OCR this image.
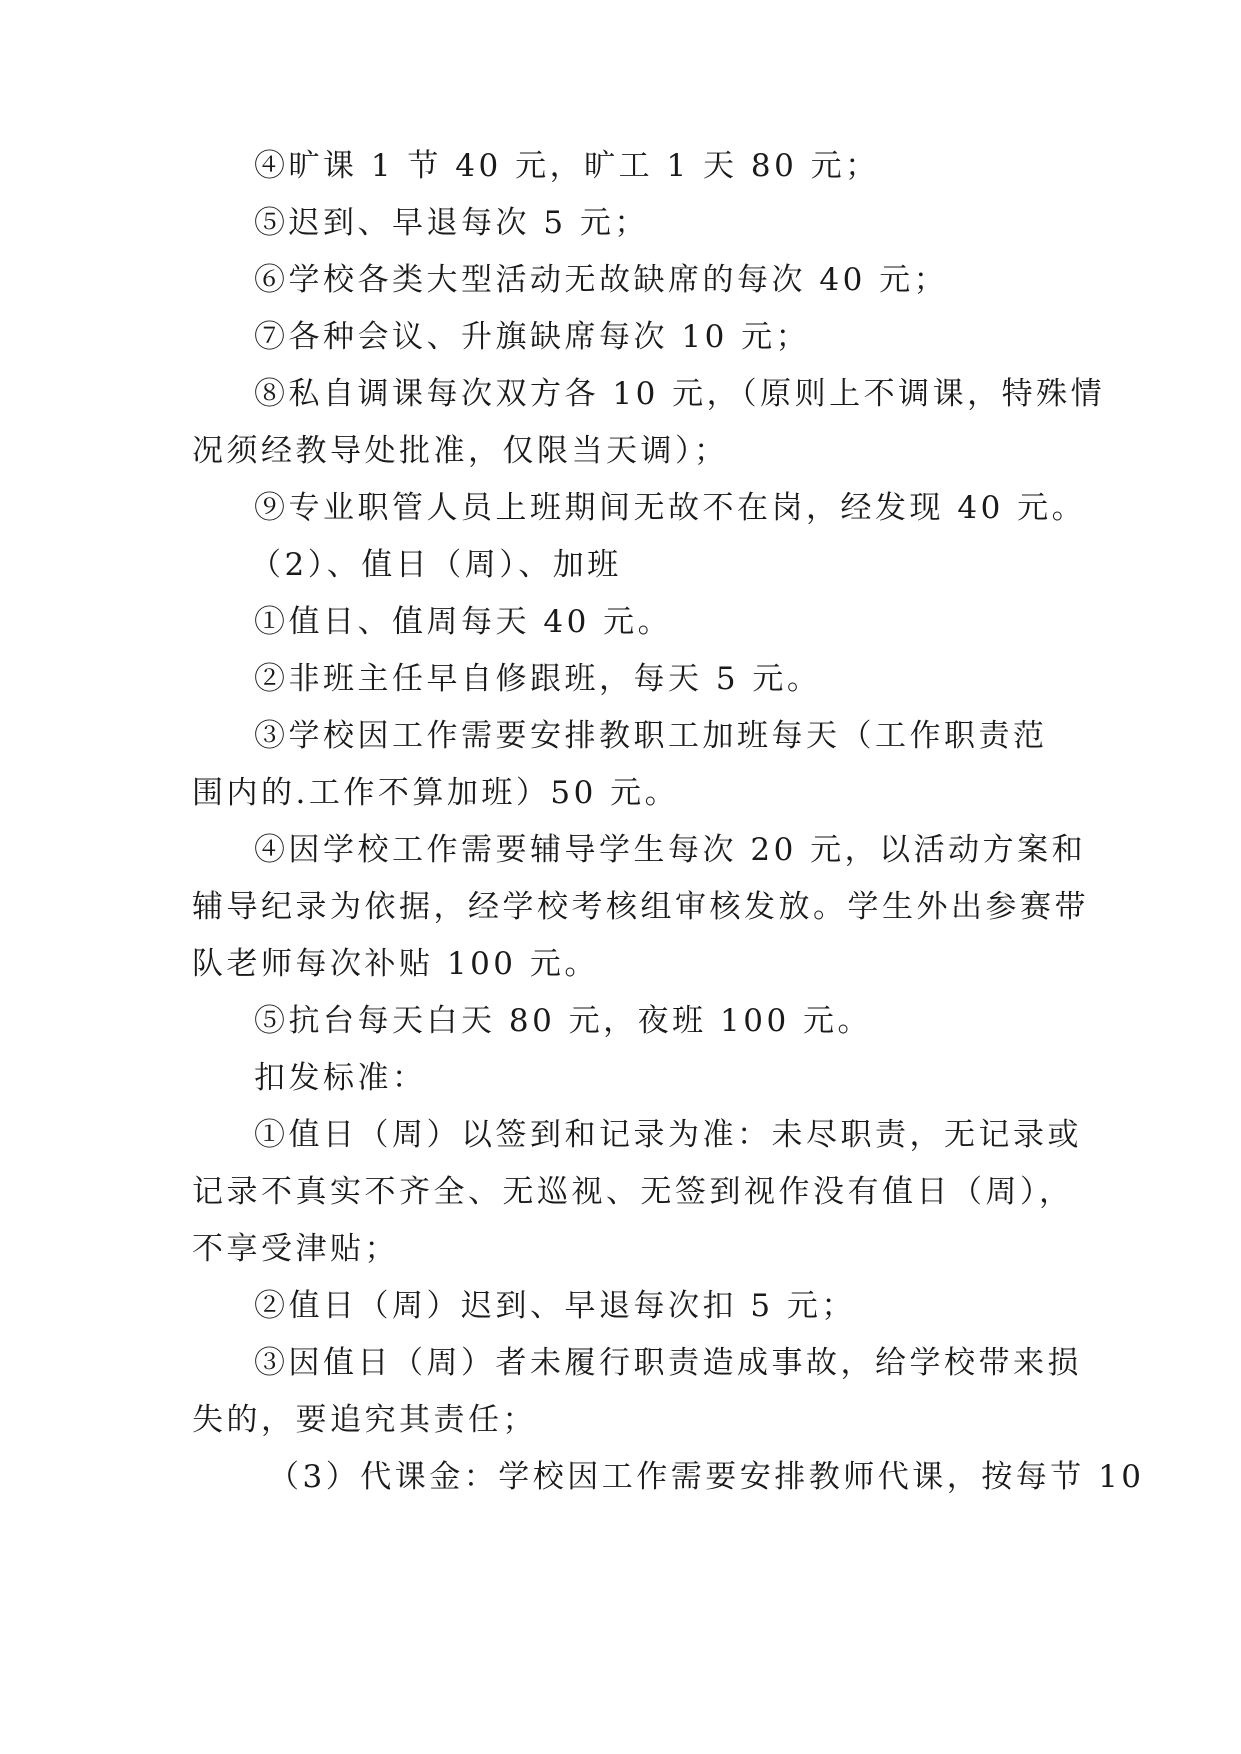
④旷课 1 节 40 元，旷工 1 天 80 元；
⑤迟到、早退每次 5 元；
⑥学校各类大型活动无故缺席的每次 40 元；
⑦各种会议、升旗缺席每次 10 元；
⑧私自调课每次双方各 10 元，（原则上不调课，特殊情
况须经教导处批准，仅限当天调）；
⑨专业职管人员上班期间无故不在岗，经发现 40 元。
（2）、值日（周）、加班
①值日、值周每天 40 元。
②非班主任早自修跟班，每天 5 元。
③学校因工作需要安排教职工加班每天（工作职责范
围内的.工作不算加班）50 元。
④因学校工作需要辅导学生每次 20 元，以活动方案和
辅导纪录为依据，经学校考核组审核发放。学生外出参赛带
队老师每次补贴 100 元。
⑤抗台每天白天 80 元，夜班 100 元。
扣发标准：
①值日（周）以签到和记录为准：未尽职责，无记录或
记录不真实不齐全、无巡视、无签到视作没有值日（周），
不享受津贴；
②值日（周）迟到、早退每次扣 5 元；
③因值日（周）者未履行职责造成事故，给学校带来损
失的，要追究其责任；
（3）代课金：学校因工作需要安排教师代课，按每节 10
